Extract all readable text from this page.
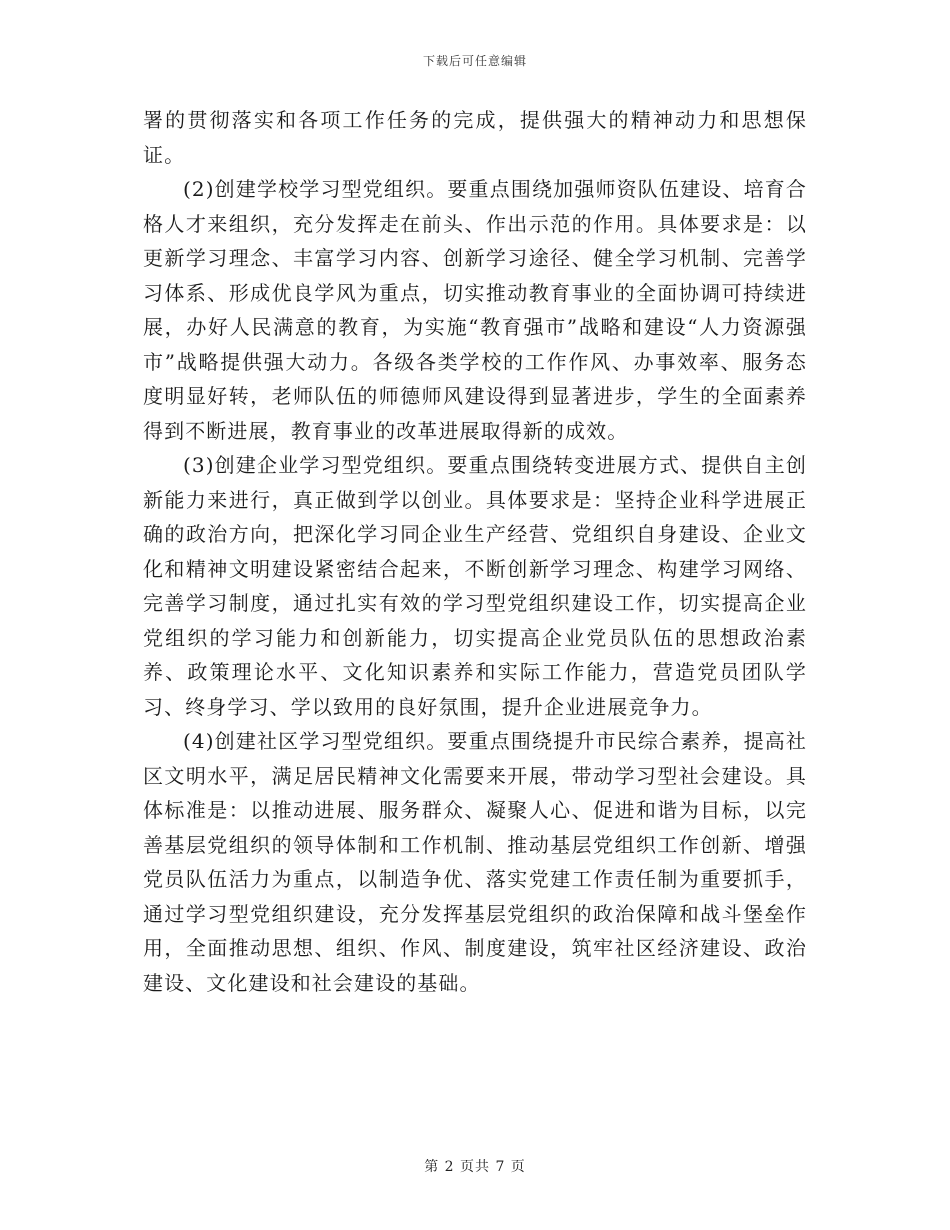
下载后可任意编辑

署的贯彻落实和各项工作任务的完成，提供强大的精神动力和思想保证。

(2)创建学校学习型党组织。要重点围绕加强师资队伍建设、培育合格人才来组织，充分发挥走在前头、作出示范的作用。具体要求是：以更新学习理念、丰富学习内容、创新学习途径、健全学习机制、完善学习体系、形成优良学风为重点，切实推动教育事业的全面协调可持续进展，办好人民满意的教育，为实施“教育强市”战略和建设“人力资源强市”战略提供强大动力。各级各类学校的工作作风、办事效率、服务态度明显好转，老师队伍的师德师风建设得到显著进步，学生的全面素养得到不断进展，教育事业的改革进展取得新的成效。

(3)创建企业学习型党组织。要重点围绕转变进展方式、提供自主创新能力来进行，真正做到学以创业。具体要求是：坚持企业科学进展正确的政治方向，把深化学习同企业生产经营、党组织自身建设、企业文化和精神文明建设紧密结合起来，不断创新学习理念、构建学习网络、完善学习制度，通过扎实有效的学习型党组织建设工作，切实提高企业党组织的学习能力和创新能力，切实提高企业党员队伍的思想政治素养、政策理论水平、文化知识素养和实际工作能力，营造党员团队学习、终身学习、学以致用的良好氛围，提升企业进展竞争力。

(4)创建社区学习型党组织。要重点围绕提升市民综合素养，提高社区文明水平，满足居民精神文化需要来开展，带动学习型社会建设。具体标准是：以推动进展、服务群众、凝聚人心、促进和谐为目标，以完善基层党组织的领导体制和工作机制、推动基层党组织工作创新、增强党员队伍活力为重点，以制造争优、落实党建工作责任制为重要抓手，通过学习型党组织建设，充分发挥基层党组织的政治保障和战斗堡垒作用，全面推动思想、组织、作风、制度建设，筑牢社区经济建设、政治建设、文化建设和社会建设的基础。

第 2 页共 7 页
